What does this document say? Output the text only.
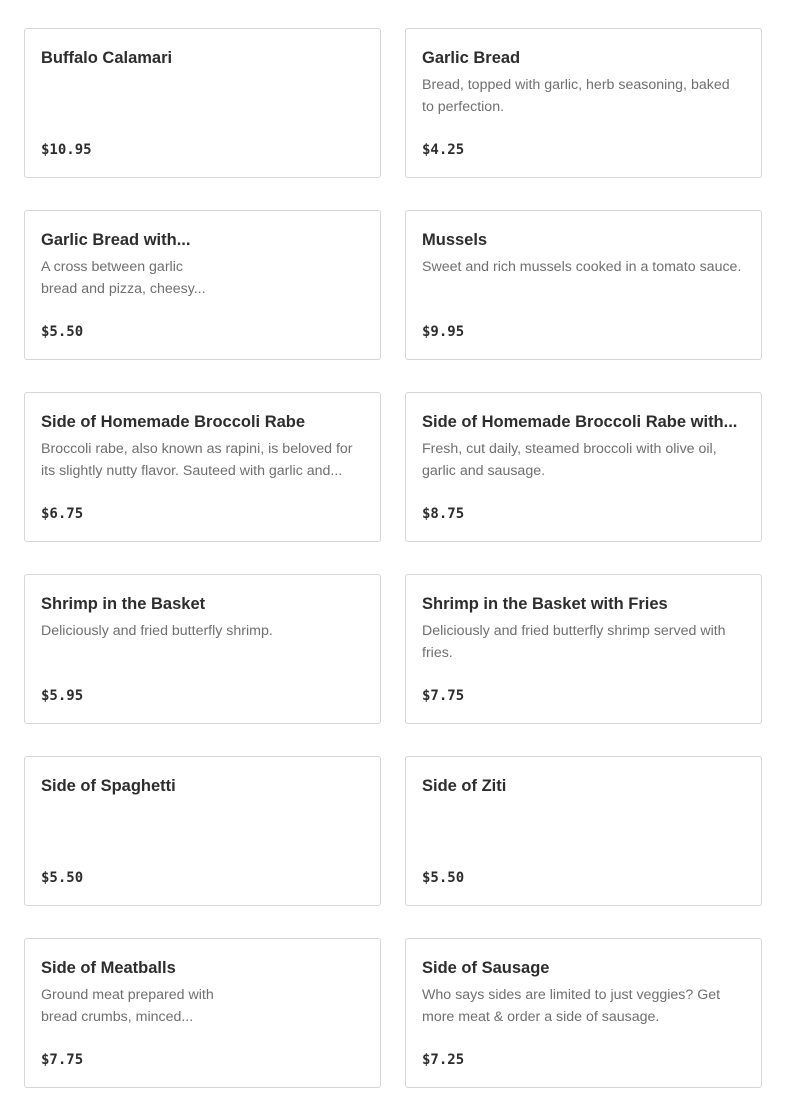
Buffalo Calamari
$10.95
Garlic Bread
Bread, topped with garlic, herb seasoning, baked to perfection.
$4.25
Garlic Bread with...
A cross between garlic bread and pizza, cheesy...
$5.50
Mussels
Sweet and rich mussels cooked in a tomato sauce.
$9.95
Side of Homemade Broccoli Rabe
Broccoli rabe, also known as rapini, is beloved for its slightly nutty flavor. Sauteed with garlic and...
$6.75
Side of Homemade Broccoli Rabe with...
Fresh, cut daily, steamed broccoli with olive oil, garlic and sausage.
$8.75
Shrimp in the Basket
Deliciously and fried butterfly shrimp.
$5.95
Shrimp in the Basket with Fries
Deliciously and fried butterfly shrimp served with fries.
$7.75
Side of Spaghetti
$5.50
Side of Ziti
$5.50
Side of Meatballs
Ground meat prepared with bread crumbs, minced...
$7.75
Side of Sausage
Who says sides are limited to just veggies? Get more meat & order a side of sausage.
$7.25
